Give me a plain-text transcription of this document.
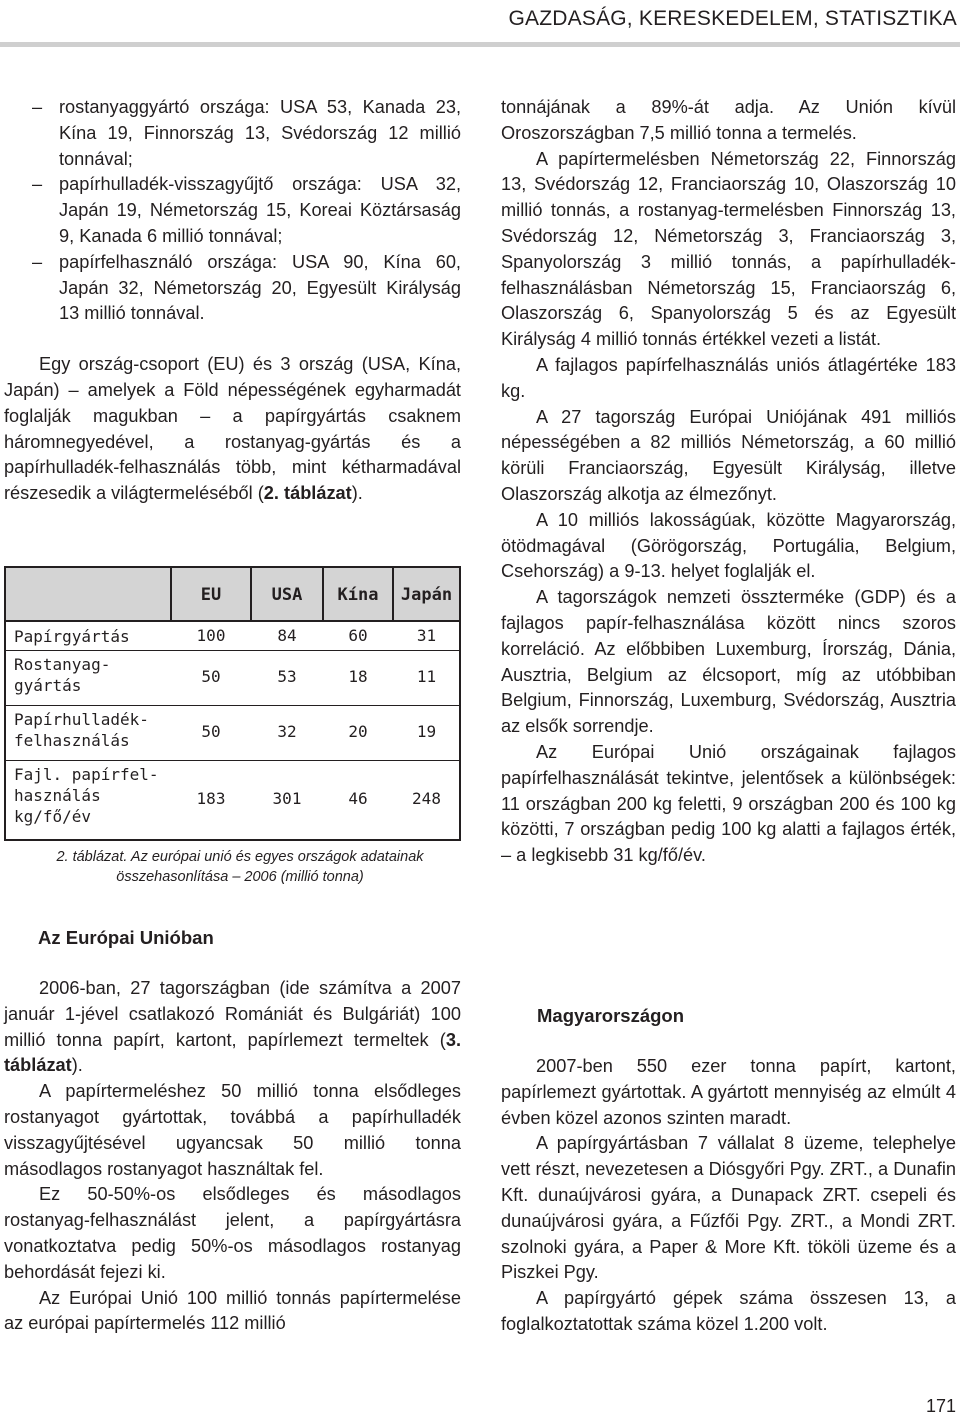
GAZDASÁG, KERESKEDELEM, STATISZTIKA
– rostanyaggyártó országa: USA 53, Kanada 23, Kína 19, Finnország 13, Svédország 12 millió tonnával;
– papírhulladék-visszagyűjtő országa: USA 32, Japán 19, Németország 15, Koreai Köztársaság 9, Kanada 6 millió tonnával;
– papírfelhasználó országa: USA 90, Kína 60, Japán 32, Németország 20, Egyesült Királyság 13 millió tonnával.

Egy ország-csoport (EU) és 3 ország (USA, Kína, Japán) – amelyek a Föld népességének egyharmadát foglalják magukban – a papírgyártás csaknem háromnegyedével, a rostanyag-gyártás és a papírhulladék-felhasználás több, mint kétharmadával részesedik a világtermeléséből (2. táblázat).

EU	USA	Kína	Japán
Papírgyártás	100	84	60	31
Rostanyag-
gyártás	50	53	18	11
Papírhulladék-
felhasználás	50	32	20	19
Fajl. papírfel-
használás
kg/fő/év
183	301	46	248
2. táblázat. Az európai unió és egyes országok adatainak összehasonlítása – 2006 (millió tonna)
Az Európai Unióban

2006-ban, 27 tagországban (ide számítva a 2007 január 1-jével csatlakozó Romániát és Bulgáriát) 100 millió tonna papírt, kartont, papírlemezt termeltek (3. táblázat).

A papírtermeléshez 50 millió tonna elsődleges rostanyagot gyártottak, továbbá a papírhulladék visszagyűjtésével ugyancsak 50 millió tonna másodlagos rostanyagot használtak fel.

Ez 50-50%-os elsődleges és másodlagos rostanyag-felhasználást jelent, a papírgyártásra vonatkoztatva pedig 50%-os másodlagos rostanyag behordását fejezi ki.

Az Európai Unió 100 millió tonnás papírtermelése az európai papírtermelés 112 millió

tonnájának a 89%-át adja. Az Unión kívül Oroszországban 7,5 millió tonna a termelés.

A papírtermelésben Németország 22, Finnország 13, Svédország 12, Franciaország 10, Olaszország 10 millió tonnás, a rostanyag-termelésben Finnország 13, Svédország 12, Németország 3, Franciaország 3, Spanyolország 3 millió tonnás, a papírhulladék-felhasználásban Németország 15, Franciaország 6, Olaszország 6, Spanyolország 5 és az Egyesült Királyság 4 millió tonnás értékkel vezeti a listát.

A fajlagos papírfelhasználás uniós átlagértéke 183 kg.

A 27 tagország Európai Uniójának 491 milliós népességében a 82 milliós Németország, a 60 millió körüli Franciaország, Egyesült Királyság, illetve Olaszország alkotja az élmezőnyt.

A 10 milliós lakosságúak, közötte Magyarország, ötödmagával (Görögország, Portugália, Belgium, Csehország) a 9-13. helyet foglalják el.

A tagországok nemzeti összterméke (GDP) és a fajlagos papír-felhasználása között nincs szoros korreláció. Az előbbiben Luxemburg, Írország, Dánia, Ausztria, Belgium az élcsoport, míg az utóbbiban Belgium, Finnország, Luxemburg, Svédország, Ausztria az elsők sorrendje.

Az Európai Unió országainak fajlagos papírfelhasználását tekintve, jelentősek a különbségek: 11 országban 200 kg feletti, 9 országban 200 és 100 kg közötti, 7 országban pedig 100 kg alatti a fajlagos érték, – a legkisebb 31 kg/fő/év.

Magyarországon

2007-ben 550 ezer tonna papírt, kartont, papírlemezt gyártottak. A gyártott mennyiség az elmúlt 4 évben közel azonos szinten maradt.

A papírgyártásban 7 vállalat 8 üzeme, telephelye vett részt, nevezetesen a Diósgyőri Pgy. ZRT., a Dunafin Kft. dunaújvárosi gyára, a Dunapack ZRT. csepeli és dunaújvárosi gyára, a Fűzfői Pgy. ZRT., a Mondi ZRT. szolnoki gyára, a Paper & More Kft. tököli üzeme és a Piszkei Pgy.

A papírgyártó gépek száma összesen 13, a foglalkoztatottak száma közel 1.200 volt.

171
